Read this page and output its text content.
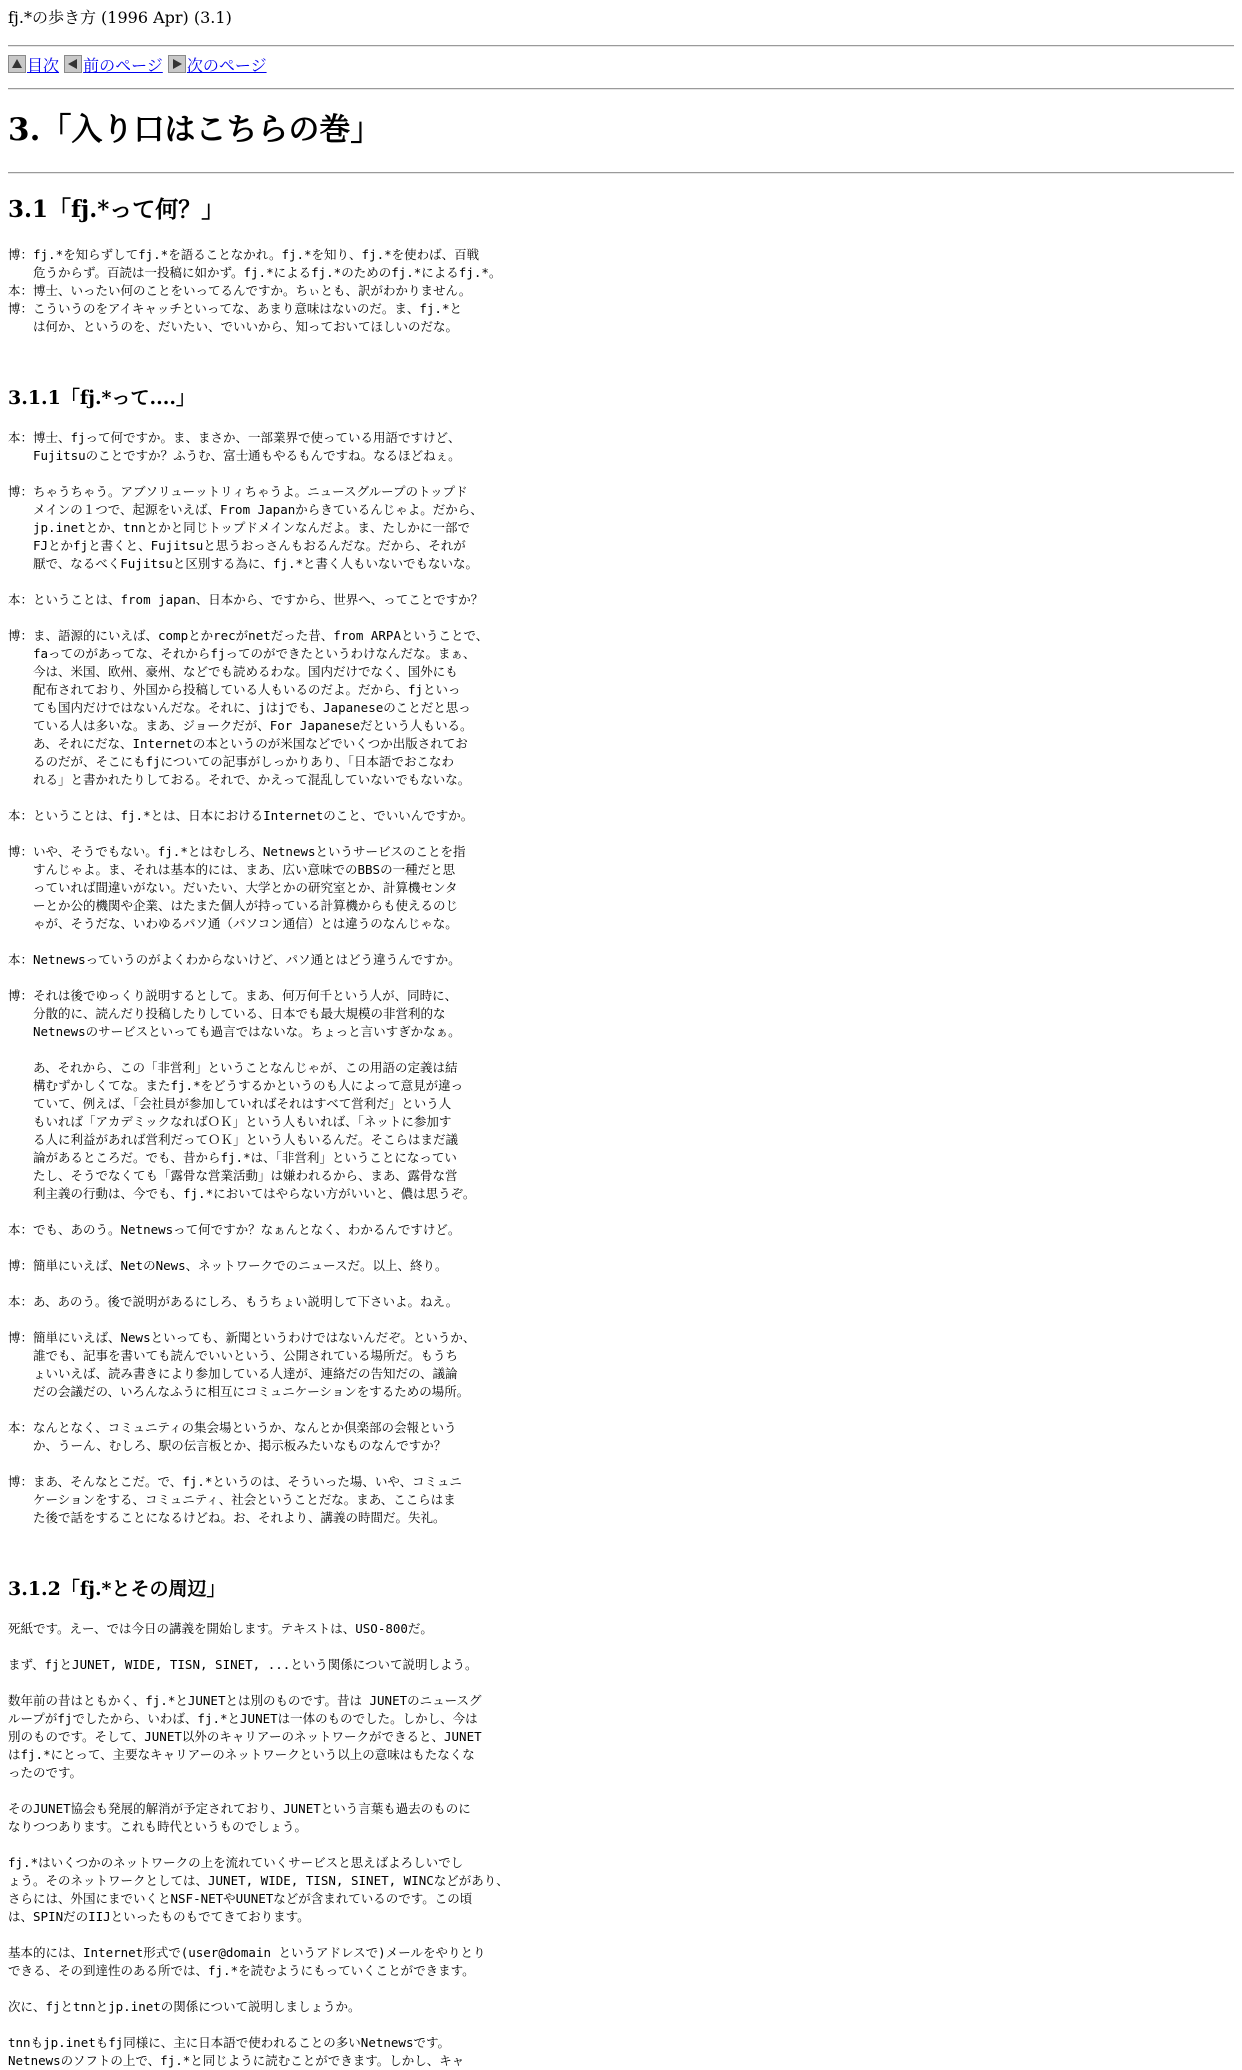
fj.*の歩き方 (1996 Apr) (3.1)
目次 前のページ 次のページ
3.「入り口はこちらの巻」
3.1「fj.*って何？」
博：fj.*を知らずしてfj.*を語ることなかれ。fj.*を知り、fj.*を使わば、百戦
　　危うからず。百読は一投稿に如かず。fj.*によるfj.*のためのfj.*によるfj.*。
本：博士、いったい何のことをいってるんですか。ちぃとも、訳がわかりません。
博：こういうのをアイキャッチといってな、あまり意味はないのだ。ま、fj.*と
　　は何か、というのを、だいたい、でいいから、知っておいてほしいのだな。
3.1.1「fj.*って....」
本：博士、fjって何ですか。ま、まさか、一部業界で使っている用語ですけど、
　　Fujitsuのことですか？ふうむ、富士通もやるもんですね。なるほどねぇ。

博：ちゃうちゃう。アブソリューットリィちゃうよ。ニュースグループのトップド
　　メインの１つで、起源をいえば、From Japanからきているんじゃよ。だから、
　　jp.inetとか、tnnとかと同じトップドメインなんだよ。ま、たしかに一部で
　　FJとかfjと書くと、Fujitsuと思うおっさんもおるんだな。だから、それが
　　厭で、なるべくFujitsuと区別する為に、fj.*と書く人もいないでもないな。

本：ということは、from japan、日本から、ですから、世界へ、ってことですか？

博：ま、語源的にいえば、compとかrecがnetだった昔、from ARPAということで、
　　faってのがあってな、それからfjってのができたというわけなんだな。まぁ、
　　今は、米国、欧州、豪州、などでも読めるわな。国内だけでなく、国外にも
　　配布されており、外国から投稿している人もいるのだよ。だから、fjといっ
　　ても国内だけではないんだな。それに、jはjでも、Japaneseのことだと思っ
　　ている人は多いな。まあ、ジョークだが、For Japaneseだという人もいる。
　　あ、それにだな、Internetの本というのが米国などでいくつか出版されてお
　　るのだが、そこにもfjについての記事がしっかりあり、「日本語でおこなわ
　　れる」と書かれたりしておる。それで、かえって混乱していないでもないな。

本：ということは、fj.*とは、日本におけるInternetのこと、でいいんですか。

博：いや、そうでもない。fj.*とはむしろ、Netnewsというサービスのことを指
　　すんじゃよ。ま、それは基本的には、まあ、広い意味でのBBSの一種だと思
　　っていれば間違いがない。だいたい、大学とかの研究室とか、計算機センタ
　　ーとか公的機関や企業、はたまた個人が持っている計算機からも使えるのじ
　　ゃが、そうだな、いわゆるパソ通（パソコン通信）とは違うのなんじゃな。

本：Netnewsっていうのがよくわからないけど、パソ通とはどう違うんですか。

博：それは後でゆっくり説明するとして。まあ、何万何千という人が、同時に、
　　分散的に、読んだり投稿したりしている、日本でも最大規模の非営利的な
　　Netnewsのサービスといっても過言ではないな。ちょっと言いすぎかなぁ。

　　あ、それから、この「非営利」ということなんじゃが、この用語の定義は結
　　構むずかしくてな。またfj.*をどうするかというのも人によって意見が違っ
　　ていて、例えば、「会社員が参加していればそれはすべて営利だ」という人
　　もいれば「アカデミックなればＯＫ」という人もいれば、「ネットに参加す
　　る人に利益があれば営利だってＯＫ」という人もいるんだ。そこらはまだ議
　　論があるところだ。でも、昔からfj.*は、「非営利」ということになってい
　　たし、そうでなくても「露骨な営業活動」は嫌われるから、まあ、露骨な営
　　利主義の行動は、今でも、fj.*においてはやらない方がいいと、儂は思うぞ。

本：でも、あのう。Netnewsって何ですか？なぁんとなく、わかるんですけど。

博：簡単にいえば、NetのNews、ネットワークでのニュースだ。以上、終り。

本：あ、あのう。後で説明があるにしろ、もうちょい説明して下さいよ。ねえ。

博：簡単にいえば、Newsといっても、新聞というわけではないんだぞ。というか、
　　誰でも、記事を書いても読んでいいという、公開されている場所だ。もうち
　　ょいいえば、読み書きにより参加している人達が、連絡だの告知だの、議論
　　だの会議だの、いろんなふうに相互にコミュニケーションをするための場所。

本：なんとなく、コミュニティの集会場というか、なんとか倶楽部の会報という
　　か、うーん、むしろ、駅の伝言板とか、掲示板みたいなものなんですか？

博：まあ、そんなとこだ。で、fj.*というのは、そういった場、いや、コミュニ
　　ケーションをする、コミュニティ、社会ということだな。まあ、ここらはま
　　た後で話をすることになるけどね。お、それより、講義の時間だ。失礼。
3.1.2「fj.*とその周辺」
死紙です。えー、では今日の講義を開始します。テキストは、USO-800だ。

まず、fjとJUNET, WIDE, TISN, SINET, ...という関係について説明しよう。

数年前の昔はともかく、fj.*とJUNETとは別のものです。昔は JUNETのニュースグ
ループがfjでしたから、いわば、fj.*とJUNETは一体のものでした。しかし、今は
別のものです。そして、JUNET以外のキャリアーのネットワークができると、JUNET
はfj.*にとって、主要なキャリアーのネットワークという以上の意味はもたなくな
ったのです。

そのJUNET協会も発展的解消が予定されており、JUNETという言葉も過去のものに
なりつつあります。これも時代というものでしょう。

fj.*はいくつかのネットワークの上を流れていくサービスと思えばよろしいでし
ょう。そのネットワークとしては、JUNET, WIDE, TISN, SINET, WINCなどがあり、
さらには、外国にまでいくとNSF-NETやUUNETなどが含まれているのです。この頃
は、SPINだのIIJといったものもでてきております。

基本的には、Internet形式で(user@domain というアドレスで)メールをやりとり
できる、その到達性のある所では、fj.*を読むようにもっていくことができます。

次に、fjとtnnとjp.inetの関係について説明しましょうか。

tnnもjp.inetもfj同様に、主に日本語で使われることの多いNetnewsです。
Netnewsのソフトの上で、fj.*と同じように読むことができます。しかし、キャ
